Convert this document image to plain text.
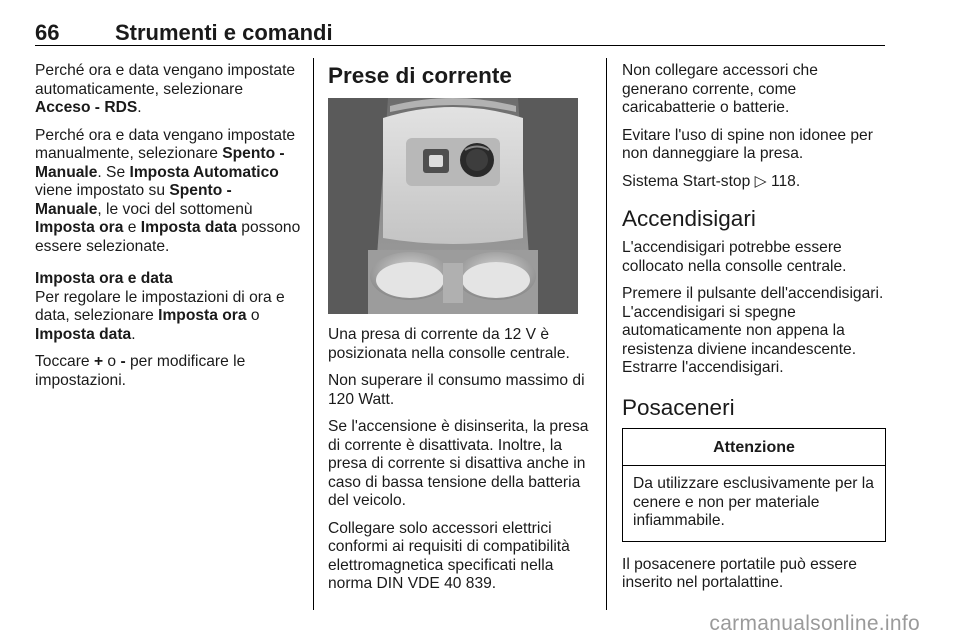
66	Strumenti e comandi

Perché ora e data vengano impostate automaticamente, selezionare Acceso - RDS.

Perché ora e data vengano impostate manualmente, selezionare Spento - Manuale. Se Imposta Automatico viene impostato su Spento - Manuale, le voci del sottomenù Imposta ora e Imposta data possono essere selezionate.

Imposta ora e data

Per regolare le impostazioni di ora e data, selezionare Imposta ora o Imposta data.

Toccare + o - per modificare le impostazioni.

Prese di corrente

Una presa di corrente da 12 V è posizionata nella consolle centrale.

Non superare il consumo massimo di 120 Watt.

Se l'accensione è disinserita, la presa di corrente è disattivata. Inoltre, la presa di corrente si disattiva anche in caso di bassa tensione della batteria del veicolo.

Collegare solo accessori elettrici conformi ai requisiti di compatibilità elettromagnetica specificati nella norma DIN VDE 40 839.

Non collegare accessori che generano corrente, come caricabatterie o batterie.

Evitare l'uso di spine non idonee per non danneggiare la presa.

Sistema Start-stop ▷ 118.

Accendisigari

L'accendisigari potrebbe essere collocato nella consolle centrale.

Premere il pulsante dell'accendisigari. L'accendisigari si spegne automaticamente non appena la resistenza diviene incandescente. Estrarre l'accendisigari.

Posaceneri
Attenzione
Da utilizzare esclusivamente per la cenere e non per materiale infiammabile.

Il posacenere portatile può essere inserito nel portalattine.

carmanualsonline.info
